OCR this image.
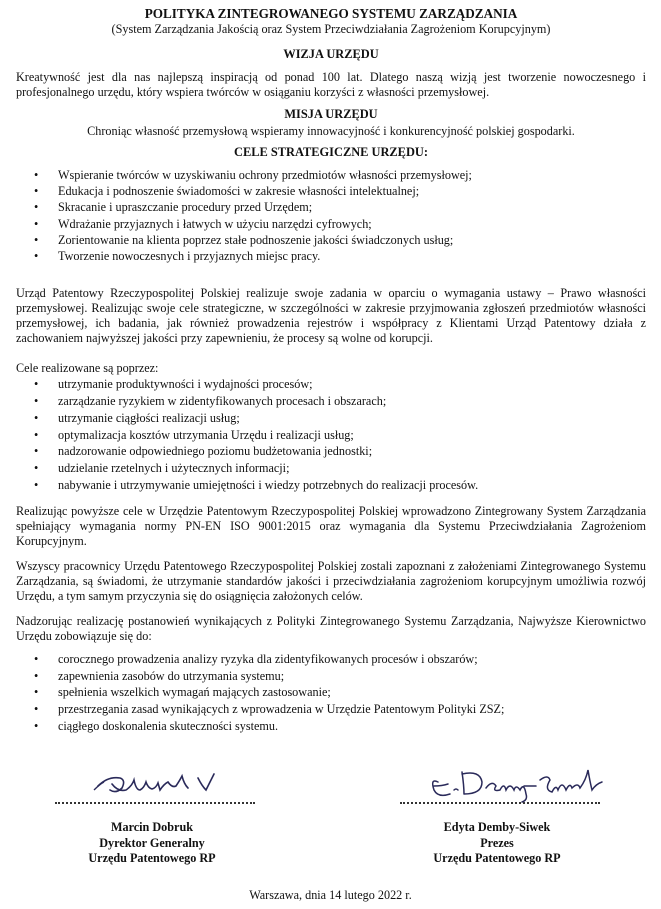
POLITYKA ZINTEGROWANEGO SYSTEMU ZARZĄDZANIA

(System Zarządzania Jakością oraz System Przeciwdziałania Zagrożeniom Korupcyjnym)

WIZJA URZĘDU

Kreatywność jest dla nas najlepszą inspiracją od ponad 100 lat. Dlatego naszą wizją jest tworzenie nowoczesnego i profesjonalnego urzędu, który wspiera twórców w osiąganiu korzyści z własności przemysłowej.

MISJA URZĘDU

Chroniąc własność przemysłową wspieramy innowacyjność i konkurencyjność polskiej gospodarki.

CELE STRATEGICZNE URZĘDU:

• Wspieranie twórców w uzyskiwaniu ochrony przedmiotów własności przemysłowej;
• Edukacja i podnoszenie świadomości w zakresie własności intelektualnej;
• Skracanie i upraszczanie procedury przed Urzędem;
• Wdrażanie przyjaznych i łatwych w użyciu narzędzi cyfrowych;
• Zorientowanie na klienta poprzez stałe podnoszenie jakości świadczonych usług;
• Tworzenie nowoczesnych i przyjaznych miejsc pracy.

Urząd Patentowy Rzeczypospolitej Polskiej realizuje swoje zadania w oparciu o wymagania ustawy – Prawo własności przemysłowej. Realizując swoje cele strategiczne, w szczególności w zakresie przyjmowania zgłoszeń przedmiotów własności przemysłowej, ich badania, jak również prowadzenia rejestrów i współpracy z Klientami Urząd Patentowy działa z zachowaniem najwyższej jakości przy zapewnieniu, że procesy są wolne od korupcji.

Cele realizowane są poprzez:

• utrzymanie produktywności i wydajności procesów;
• zarządzanie ryzykiem w zidentyfikowanych procesach i obszarach;
• utrzymanie ciągłości realizacji usług;
• optymalizacja kosztów utrzymania Urzędu i realizacji usług;
• nadzorowanie odpowiedniego poziomu budżetowania jednostki;
• udzielanie rzetelnych i użytecznych informacji;
• nabywanie i utrzymywanie umiejętności i wiedzy potrzebnych do realizacji procesów.

Realizując powyższe cele w Urzędzie Patentowym Rzeczypospolitej Polskiej wprowadzono Zintegrowany System Zarządzania spełniający wymagania normy PN-EN ISO 9001:2015 oraz wymagania dla Systemu Przeciwdziałania Zagrożeniom Korupcyjnym.

Wszyscy pracownicy Urzędu Patentowego Rzeczypospolitej Polskiej zostali zapoznani z założeniami Zintegrowanego Systemu Zarządzania, są świadomi, że utrzymanie standardów jakości i przeciwdziałania zagrożeniom korupcyjnym umożliwia rozwój Urzędu, a tym samym przyczynia się do osiągnięcia założonych celów.

Nadzorując realizację postanowień wynikających z Polityki Zintegrowanego Systemu Zarządzania, Najwyższe Kierownictwo Urzędu zobowiązuje się do:

• corocznego prowadzenia analizy ryzyka dla zidentyfikowanych procesów i obszarów;
• zapewnienia zasobów do utrzymania systemu;
• spełnienia wszelkich wymagań mających zastosowanie;
• przestrzegania zasad wynikających z wprowadzenia w Urzędzie Patentowym Polityki ZSZ;
• ciągłego doskonalenia skuteczności systemu.
Marcin Dobruk
Dyrektor Generalny
Urzędu Patentowego RP
Edyta Demby-Siwek
Prezes
Urzędu Patentowego RP
Warszawa, dnia 14 lutego 2022 r.
